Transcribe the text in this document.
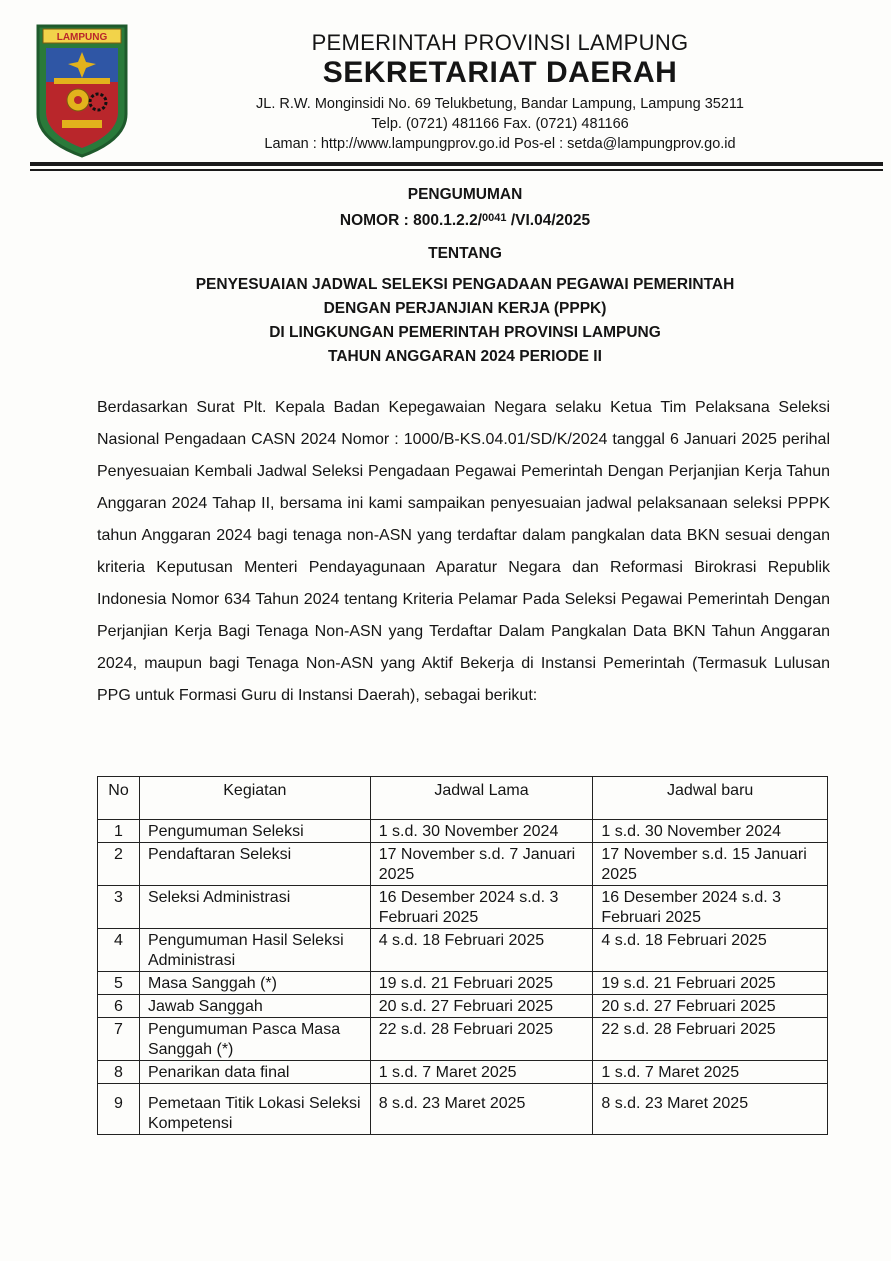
LAMPUNG	PEMERINTAH PROVINSI LAMPUNG
SEKRETARIAT DAERAH
JL. R.W. Monginsidi No. 69 Telukbetung, Bandar Lampung, Lampung 35211
Telp. (0721) 481166 Fax. (0721) 481166
Laman : http://www.lampungprov.go.id Pos-el : setda@lampungprov.go.id
PENGUMUMAN
NOMOR : 800.1.2.2/$^{0041}$ /VI.04/2025
TENTANG
PENYESUAIAN JADWAL SELEKSI PENGADAAN PEGAWAI PEMERINTAH
DENGAN PERJANJIAN KERJA (PPPK)
DI LINGKUNGAN PEMERINTAH PROVINSI LAMPUNG
TAHUN ANGGARAN 2024 PERIODE II
Berdasarkan Surat Plt. Kepala Badan Kepegawaian Negara selaku Ketua Tim Pelaksana Seleksi Nasional Pengadaan CASN 2024 Nomor : 1000/B-KS.04.01/SD/K/2024 tanggal 6 Januari 2025 perihal Penyesuaian Kembali Jadwal Seleksi Pengadaan Pegawai Pemerintah Dengan Perjanjian Kerja Tahun Anggaran 2024 Tahap II, bersama ini kami sampaikan penyesuaian jadwal pelaksanaan seleksi PPPK tahun Anggaran 2024 bagi tenaga non-ASN yang terdaftar dalam pangkalan data BKN sesuai dengan kriteria Keputusan Menteri Pendayagunaan Aparatur Negara dan Reformasi Birokrasi Republik Indonesia Nomor 634 Tahun 2024 tentang Kriteria Pelamar Pada Seleksi Pegawai Pemerintah Dengan Perjanjian Kerja Bagi Tenaga Non-ASN yang Terdaftar Dalam Pangkalan Data BKN Tahun Anggaran 2024, maupun bagi Tenaga Non-ASN yang Aktif Bekerja di Instansi Pemerintah (Termasuk Lulusan PPG untuk Formasi Guru di Instansi Daerah), sebagai berikut:
No	Kegiatan	Jadwal Lama	Jadwal baru
1	Pengumuman Seleksi	1 s.d. 30 November 2024	1 s.d. 30 November 2024
2	Pendaftaran Seleksi	17 November s.d. 7 Januari 2025	17 November s.d. 15 Januari 2025
3	Seleksi Administrasi	16 Desember 2024 s.d. 3 Februari 2025	16 Desember 2024 s.d. 3 Februari 2025
4	Pengumuman Hasil Seleksi Administrasi	4 s.d. 18 Februari 2025	4 s.d. 18 Februari 2025
5	Masa Sanggah (*)	19 s.d. 21 Februari 2025	19 s.d. 21 Februari 2025
6	Jawab Sanggah	20 s.d. 27 Februari 2025	20 s.d. 27 Februari 2025
7	Pengumuman Pasca Masa Sanggah (*)	22 s.d. 28 Februari 2025	22 s.d. 28 Februari 2025
8	Penarikan data final	1 s.d. 7 Maret 2025	1 s.d. 7 Maret 2025
9	Pemetaan Titik Lokasi Seleksi Kompetensi	8 s.d. 23 Maret 2025	8 s.d. 23 Maret 2025
